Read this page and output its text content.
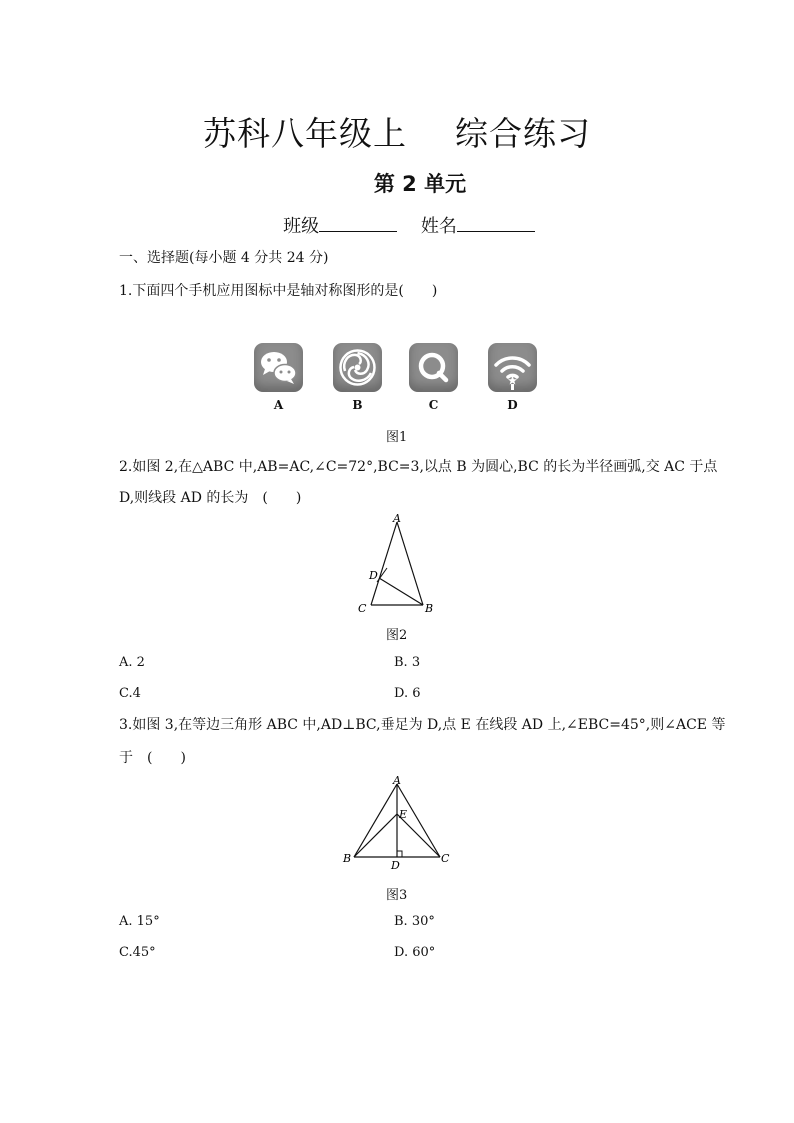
苏科八年级上 综合练习
第 2 单元
班级	姓名
一、选择题(每小题 4 分共 24 分)
1.下面四个手机应用图标中是轴对称图形的是(　　)
A	B	C	D
图1
2.如图 2,在△ABC 中,AB=AC,∠C=72°,BC=3,以点 B 为圆心,BC 的长为半径画弧,交 AC 于点
D,则线段 AD 的长为　(　　)
A
D
C	B
图2
A. 2	B. 3
C.4	D. 6
3.如图 3,在等边三角形 ABC 中,AD⊥BC,垂足为 D,点 E 在线段 AD 上,∠EBC=45°,则∠ACE 等
于　(　　)
A
E
B	C
D
图3
A. 15°	B. 30°
C.45°	D. 60°
